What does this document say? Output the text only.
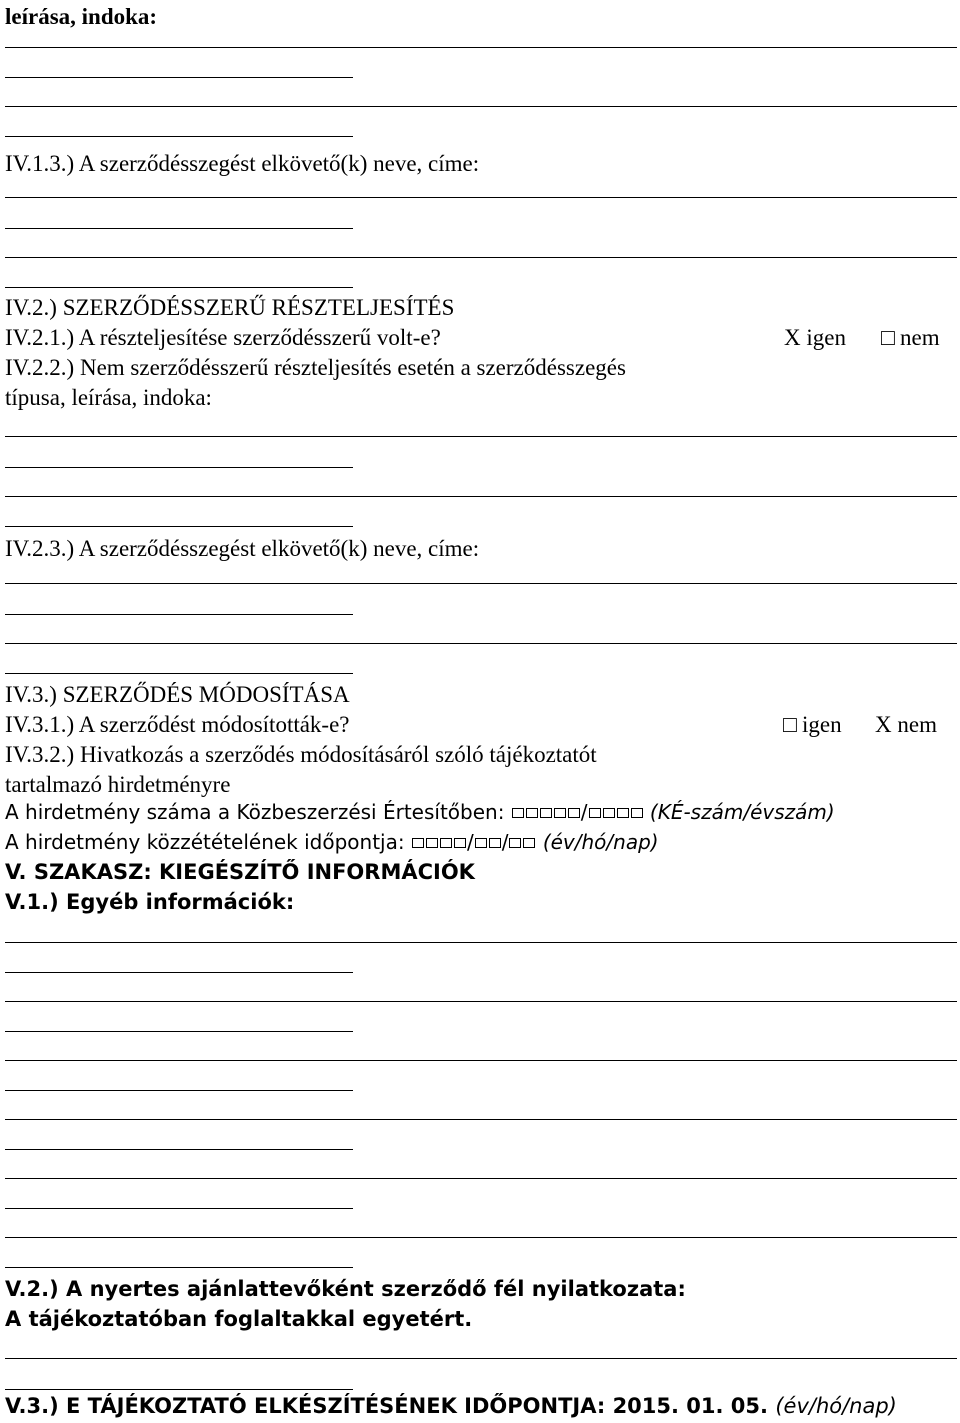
leírása, indoka:
IV.1.3.) A szerződésszegést elkövető(k) neve, címe:
IV.2.) SZERZŐDÉSSZERŰ RÉSZTELJESÍTÉS
IV.2.1.) A részteljesítése szerződésszerű volt-e?	X igen □ nem
IV.2.2.) Nem szerződésszerű részteljesítés esetén a szerződésszegés
típusa, leírása, indoka:
IV.2.3.) A szerződésszegést elkövető(k) neve, címe:
IV.3.) SZERZŐDÉS MÓDOSÍTÁSA
IV.3.1.) A szerződést módosították-e?	□ igen X nem
IV.3.2.) Hivatkozás a szerződés módosításáról szóló tájékoztatót
tartalmazó hirdetményre
A hirdetmény száma a Közbeszerzési Értesítőben:	/	(KÉ-szám/évszám)
A hirdetmény közzétételének időpontja:	/ / (év/hó/nap)
V. SZAKASZ: KIEGÉSZÍTŐ INFORMÁCIÓK
V.1.) Egyéb információk:
V.2.) A nyertes ajánlattevőként szerződő fél nyilatkozata:
A tájékoztatóban foglaltakkal egyetért.
V.3.) E TÁJÉKOZTATÓ ELKÉSZÍTÉSÉNEK IDŐPONTJA: 2015. 01. 05. (év/hó/nap)
